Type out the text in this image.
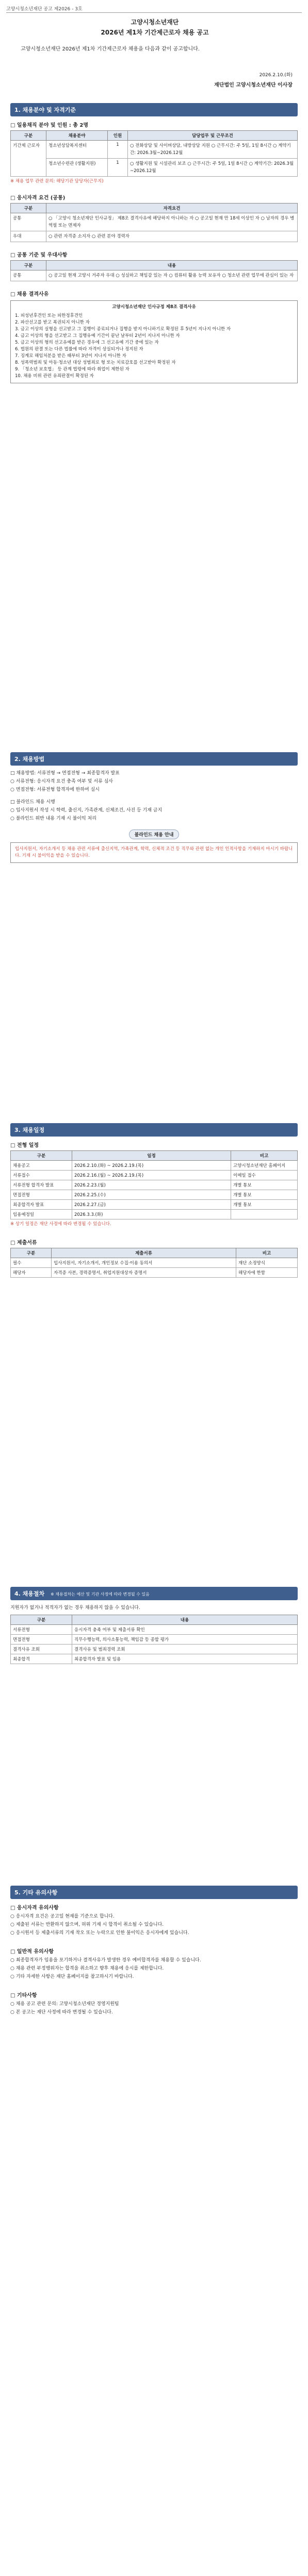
고양시청소년재단 공고 제2026 - 3호
고양시청소년재단
2026년 제1차 기간제근로자 채용 공고
고양시청소년재단 2026년 제1차 기간제근로자 채용을 다음과 같이 공고합니다.
2026.2.10.(화)
재단법인 고양시청소년재단 이사장
1. 채용분야 및 자격기준
□ 일용채직 분야 및 인원 : 총 2명
구분	채용분야	인원	담당업무 및 근무조건
기간제 근로자	청소년상담복지센터	1	○ 전화상담 및 사이버상담, 내방상담 지원 ○ 근무시간: 주 5일, 1일 8시간 ○ 계약기간: 2026.3월~2026.12월
	청소년수련관 (생활지원)	1	○ 생활지원 및 시설관리 보조 ○ 근무시간: 주 5일, 1일 8시간 ○ 계약기간: 2026.3월~2026.12월
※ 채용 업무 관련 문의: 해당기관 담당자(근무지)
□ 응시자격 요건 (공통)
구분	자격요건
공통	○ 「고양시 청소년재단 인사규정」 제8조 결격사유에 해당하지 아니하는 자 ○ 공고일 현재 만 18세 이상인 자 ○ 남자의 경우 병역필 또는 면제자
우대	○ 관련 자격증 소지자 ○ 관련 분야 경력자
□ 공통 기준 및 우대사항
구분	내용
공통	○ 공고일 현재 고양시 거주자 우대 ○ 성실하고 책임감 있는 자 ○ 컴퓨터 활용 능력 보유자 ○ 청소년 관련 업무에 관심이 있는 자
□ 채용 결격사유
고양시청소년재단 인사규정 제8조 결격사유
1. 피성년후견인 또는 피한정후견인
2. 파산선고를 받고 복권되지 아니한 자
3. 금고 이상의 실형을 선고받고 그 집행이 종료되거나 집행을 받지 아니하기로 확정된 후 5년이 지나지 아니한 자
4. 금고 이상의 형을 선고받고 그 집행유예 기간이 끝난 날부터 2년이 지나지 아니한 자
5. 금고 이상의 형의 선고유예를 받은 경우에 그 선고유예 기간 중에 있는 자
6. 법원의 판결 또는 다른 법률에 따라 자격이 상실되거나 정지된 자
7. 징계로 해임처분을 받은 때부터 3년이 지나지 아니한 자
8. 성폭력범죄 및 아동·청소년 대상 성범죄로 형 또는 치료감호를 선고받아 확정된 자
9. 「청소년 보호법」 등 관계 법령에 따라 취업이 제한된 자
10. 채용 비위 관련 유죄판결이 확정된 자
2. 채용방법
□ 채용방법: 서류전형 → 면접전형 → 최종합격자 발표
○ 서류전형: 응시자격 요건 충족 여부 및 서류 심사
○ 면접전형: 서류전형 합격자에 한하여 실시
□ 블라인드 채용 시행
○ 입사지원서 작성 시 학력, 출신지, 가족관계, 신체조건, 사진 등 기재 금지
○ 블라인드 위반 내용 기재 시 불이익 처리
블라인드 채용 안내
입사지원서, 자기소개서 등 채용 관련 서류에 출신지역, 가족관계, 학력, 신체적 조건 등 직무와 관련 없는 개인 인적사항을 기재하지 마시기 바랍니다. 기재 시 불이익을 받을 수 있습니다.
3. 채용일정
□ 전형 일정
구분	일정	비고
채용공고	2026.2.10.(화) ~ 2026.2.19.(목)	고양시청소년재단 홈페이지
서류접수	2026.2.16.(월) ~ 2026.2.19.(목)	이메일 접수
서류전형 합격자 발표	2026.2.23.(월)	개별 통보
면접전형	2026.2.25.(수)	개별 통보
최종합격자 발표	2026.2.27.(금)	개별 통보
임용예정일	2026.3.3.(화)	
※ 상기 일정은 재단 사정에 따라 변경될 수 있습니다.
□ 제출서류
구분	제출서류	비고
필수	입사지원서, 자기소개서, 개인정보 수집·이용 동의서	재단 소정양식
해당자	자격증 사본, 경력증명서, 취업지원대상자 증명서	해당자에 한함
4. 채용절차 ※ 채용절차는 예산 및 기관 사정에 따라 변경될 수 있음
지원자가 없거나 적격자가 없는 경우 채용하지 않을 수 있습니다.
구분	내용
서류전형	응시자격 충족 여부 및 제출서류 확인
면접전형	직무수행능력, 의사소통능력, 책임감 등 종합 평가
결격사유 조회	결격사유 및 범죄경력 조회
최종합격	최종합격자 발표 및 임용
5. 기타 유의사항
□ 응시자격 유의사항
○ 응시자격 요건은 공고일 현재를 기준으로 합니다.
○ 제출된 서류는 반환하지 않으며, 허위 기재 시 합격이 취소될 수 있습니다.
○ 응시원서 등 제출서류의 기재 착오 또는 누락으로 인한 불이익은 응시자에게 있습니다.
□ 일반적 유의사항
○ 최종합격자가 임용을 포기하거나 결격사유가 발생한 경우 예비합격자를 채용할 수 있습니다.
○ 채용 관련 부정행위자는 합격을 취소하고 향후 채용에 응시를 제한합니다.
○ 기타 자세한 사항은 재단 홈페이지를 참고하시기 바랍니다.
□ 기타사항
○ 채용 공고 관련 문의: 고양시청소년재단 경영지원팀
○ 본 공고는 재단 사정에 따라 변경될 수 있습니다.
